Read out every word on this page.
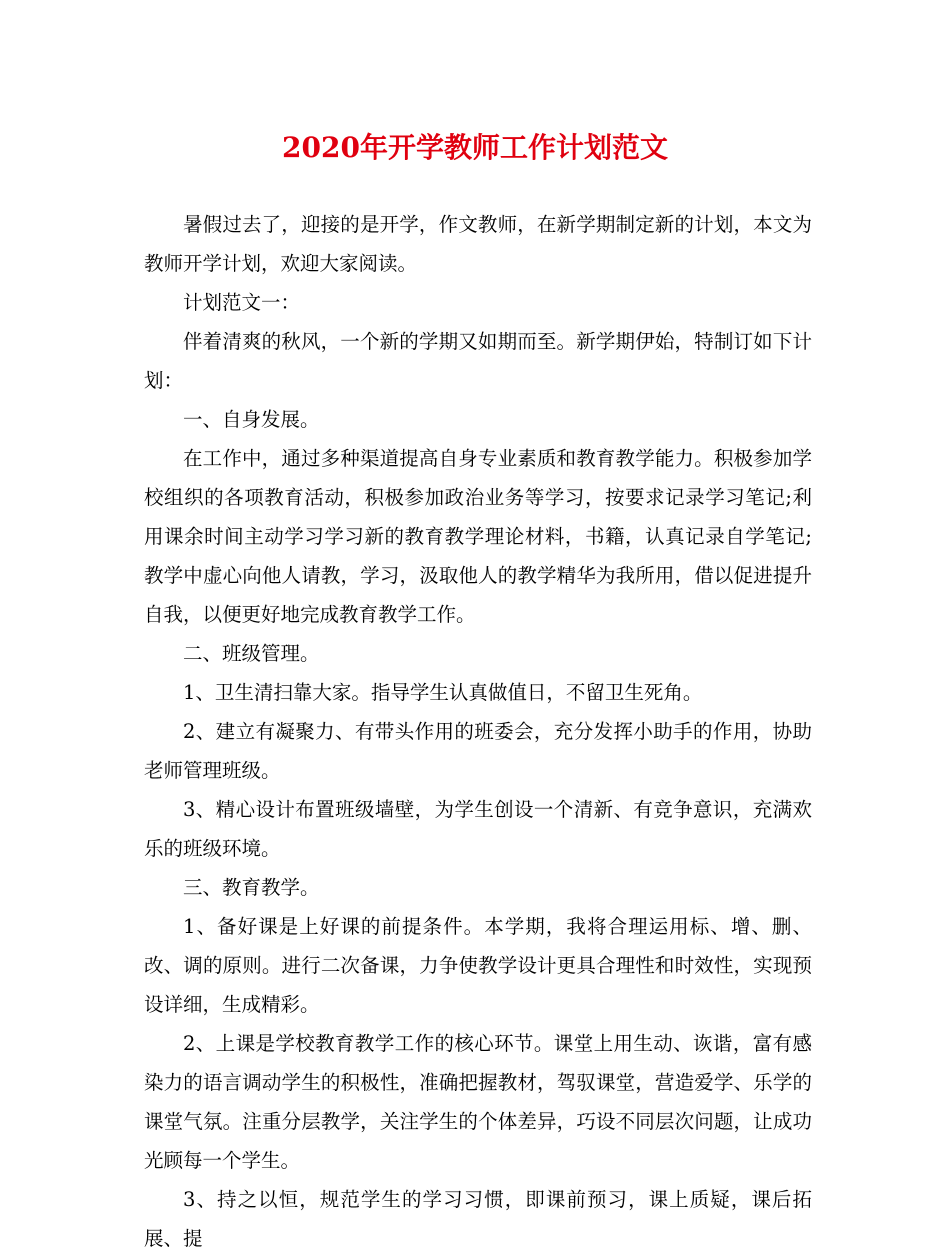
2020年开学教师工作计划范文

暑假过去了，迎接的是开学，作文教师，在新学期制定新的计划，本文为教师开学计划，欢迎大家阅读。

计划范文一：

伴着清爽的秋风，一个新的学期又如期而至。新学期伊始，特制订如下计划：

一、自身发展。

在工作中，通过多种渠道提高自身专业素质和教育教学能力。积极参加学校组织的各项教育活动，积极参加政治业务等学习，按要求记录学习笔记;利用课余时间主动学习学习新的教育教学理论材料，书籍，认真记录自学笔记;教学中虚心向他人请教，学习，汲取他人的教学精华为我所用，借以促进提升自我，以便更好地完成教育教学工作。

二、班级管理。

1、卫生清扫靠大家。指导学生认真做值日，不留卫生死角。

2、建立有凝聚力、有带头作用的班委会，充分发挥小助手的作用，协助老师管理班级。

3、精心设计布置班级墙壁，为学生创设一个清新、有竞争意识，充满欢乐的班级环境。

三、教育教学。

1、备好课是上好课的前提条件。本学期，我将合理运用标、增、删、改、调的原则。进行二次备课，力争使教学设计更具合理性和时效性，实现预设详细，生成精彩。

2、上课是学校教育教学工作的核心环节。课堂上用生动、诙谐，富有感染力的语言调动学生的积极性，准确把握教材，驾驭课堂，营造爱学、乐学的课堂气氛。注重分层教学，关注学生的个体差异，巧设不同层次问题，让成功光顾每一个学生。

3、持之以恒，规范学生的学习习惯，即课前预习，课上质疑，课后拓展、提
